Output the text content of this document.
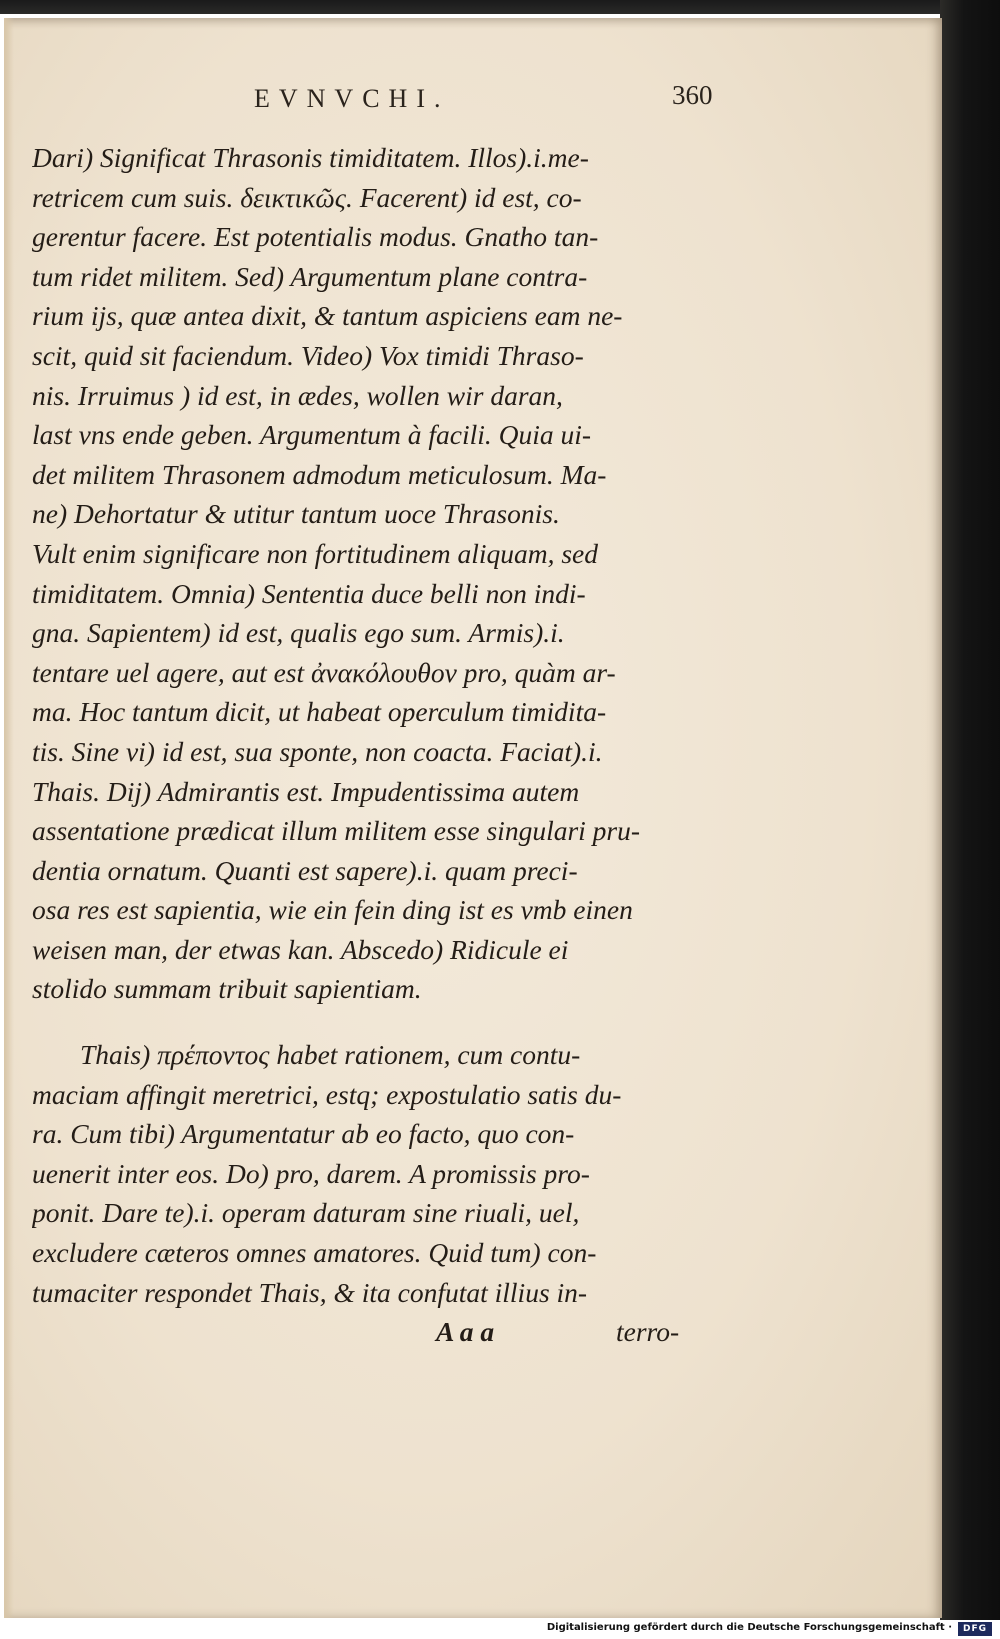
EVNVCHI.	360
Dari) Significat Thrasonis timiditatem. Illos).i.me-
retricem cum suis. δεικτικῶς. Facerent) id est, co-
gerentur facere. Est potentialis modus. Gnatho tan-
tum ridet militem. Sed) Argumentum plane contra-
rium ijs, quæ antea dixit, & tantum aspiciens eam ne-
scit, quid sit faciendum. Video) Vox timidi Thraso-
nis. Irruimus ) id est, in ædes, wollen wir daran,
last vns ende geben. Argumentum à facili. Quia ui-
det militem Thrasonem admodum meticulosum. Ma-
ne) Dehortatur & utitur tantum uoce Thrasonis.
Vult enim significare non fortitudinem aliquam, sed
timiditatem. Omnia) Sententia duce belli non indi-
gna. Sapientem) id est, qualis ego sum. Armis).i.
tentare uel agere, aut est ἀνακόλουθον pro, quàm ar-
ma. Hoc tantum dicit, ut habeat operculum timidita-
tis. Sine vi) id est, sua sponte, non coacta. Faciat).i.
Thais. Dij) Admirantis est. Impudentissima autem
assentatione prædicat illum militem esse singulari pru-
dentia ornatum. Quanti est sapere).i. quam preci-
osa res est sapientia, wie ein fein ding ist es vmb einen
weisen man, der etwas kan. Abscedo) Ridicule ei
stolido summam tribuit sapientiam.
Thais) πρέποντος habet rationem, cum contu-
maciam affingit meretrici, estq; expostulatio satis du-
ra. Cum tibi) Argumentatur ab eo facto, quo con-
uenerit inter eos. Do) pro, darem. A promissis pro-
ponit. Dare te).i. operam daturam sine riuali, uel,
excludere cæteros omnes amatores. Quid tum) con-
tumaciter respondet Thais, & ita confutat illius in-
A a a	terro-
Digitalisierung gefördert durch die Deutsche Forschungsgemeinschaft ·	DFG
